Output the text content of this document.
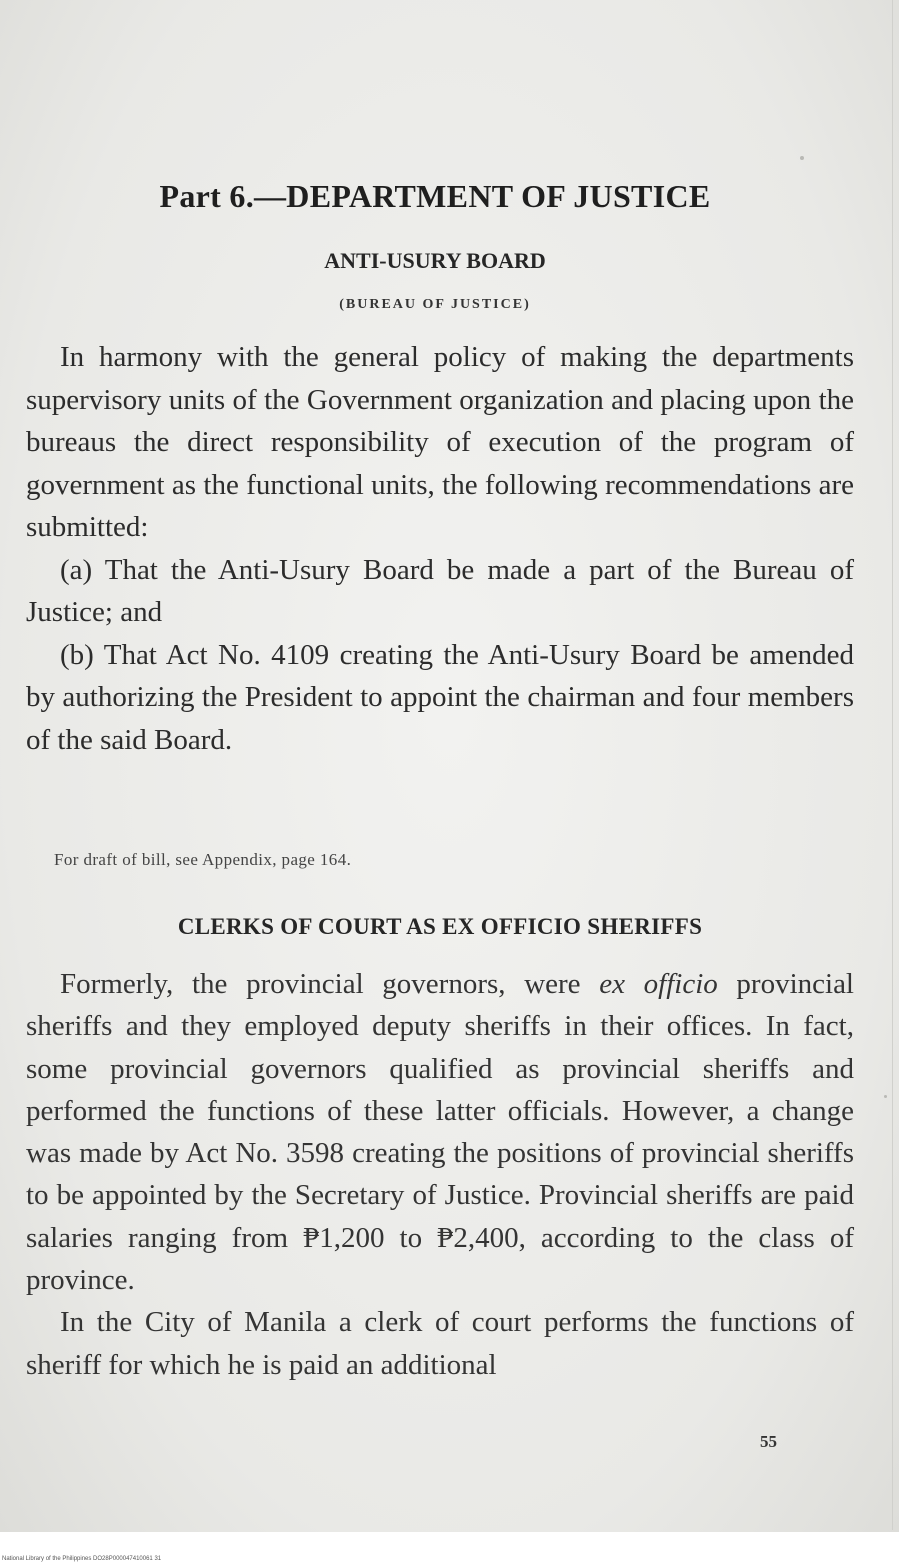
Part 6.—DEPARTMENT OF JUSTICE
ANTI-USURY BOARD
(BUREAU OF JUSTICE)

In harmony with the general policy of making the departments supervisory units of the Government organization and placing upon the bureaus the direct responsibility of execution of the program of government as the functional units, the following recommendations are submitted:

(a) That the Anti-Usury Board be made a part of the Bureau of Justice; and

(b) That Act No. 4109 creating the Anti-Usury Board be amended by authorizing the President to appoint the chairman and four members of the said Board.

For draft of bill, see Appendix, page 164.
CLERKS OF COURT AS EX OFFICIO SHERIFFS

Formerly, the provincial governors, were ex officio provincial sheriffs and they employed deputy sheriffs in their offices. In fact, some provincial governors qualified as provincial sheriffs and performed the functions of these latter officials. However, a change was made by Act No. 3598 creating the positions of provincial sheriffs to be appointed by the Secretary of Justice. Provincial sheriffs are paid salaries ranging from ₱1,200 to ₱2,400, according to the class of province.

In the City of Manila a clerk of court performs the functions of sheriff for which he is paid an additional

55
National Library of the Philippines DO28P000047410061 31
